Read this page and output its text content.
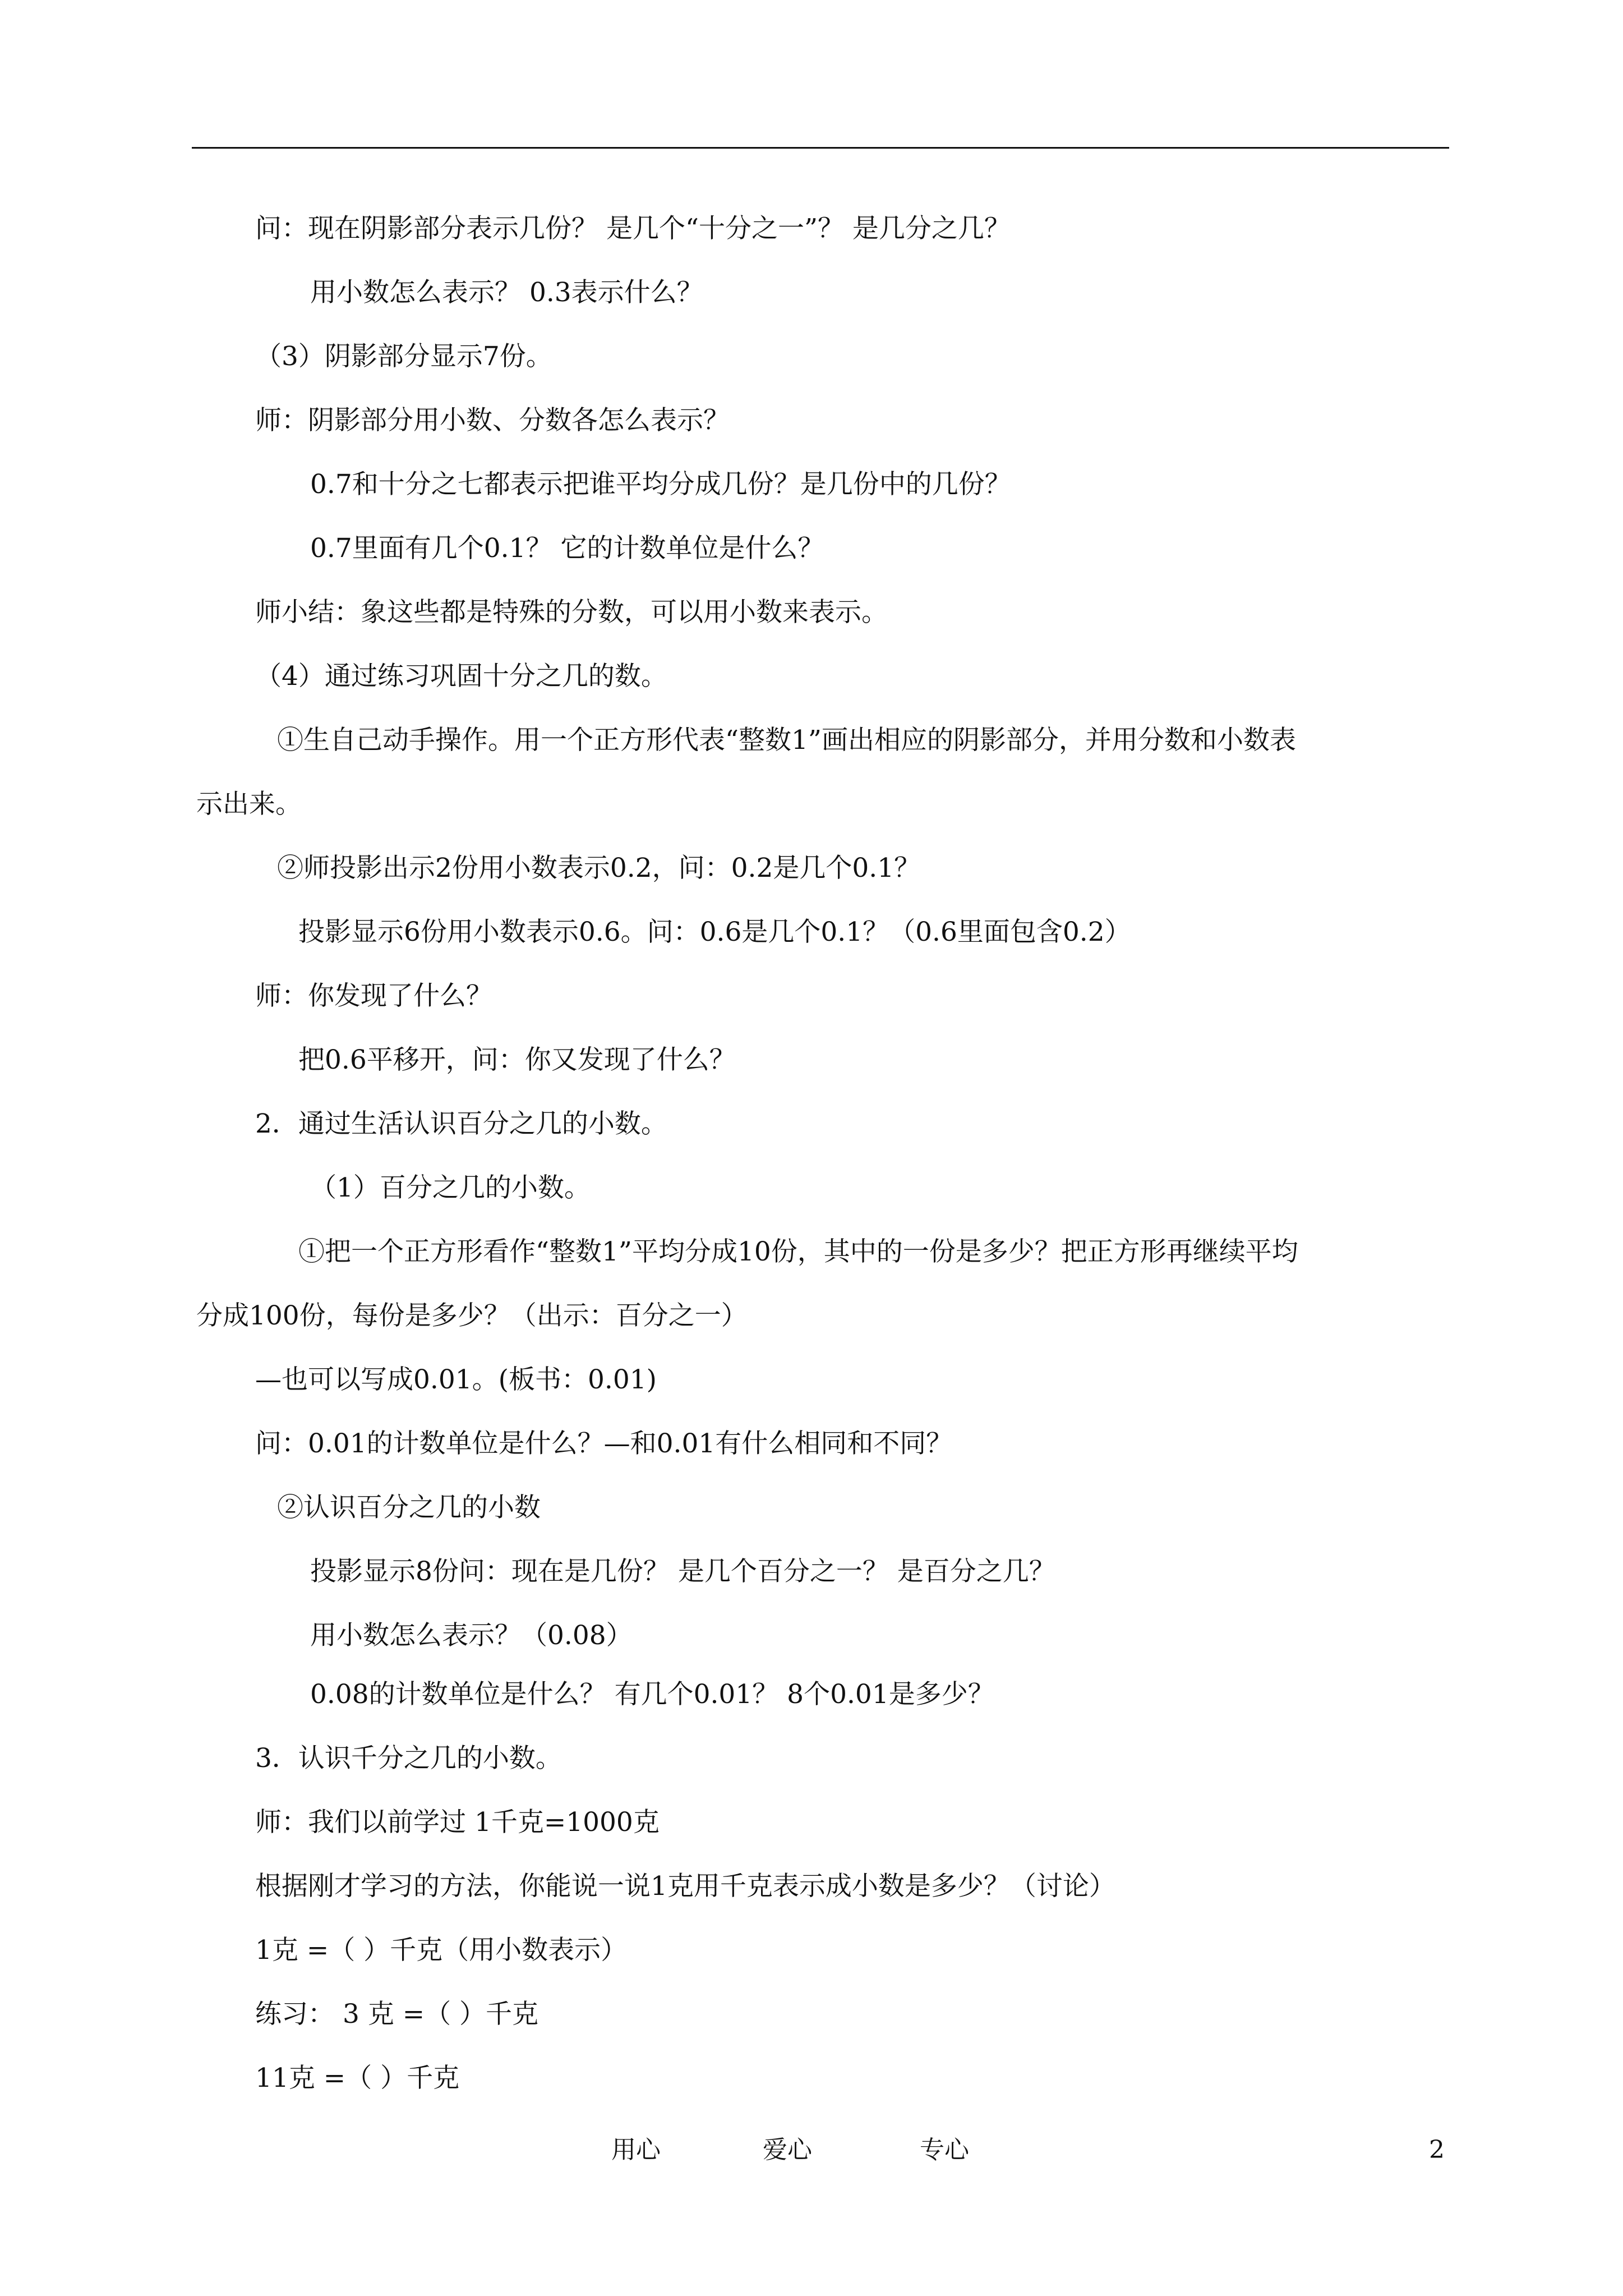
问：现在阴影部分表示几份？ 是几个“十分之一”？ 是几分之几？
用小数怎么表示？ 0.3表示什么？
（3）阴影部分显示7份。
师：阴影部分用小数、分数各怎么表示？
0.7和十分之七都表示把谁平均分成几份？是几份中的几份？
0.7里面有几个0.1？ 它的计数单位是什么？
师小结：象这些都是特殊的分数，可以用小数来表示。
（4）通过练习巩固十分之几的数。
①生自己动手操作。用一个正方形代表“整数1”画出相应的阴影部分，并用分数和小数表
示出来。
②师投影出示2份用小数表示0.2，问：0.2是几个0.1？
投影显示6份用小数表示0.6。问：0.6是几个0.1？（0.6里面包含0.2）
师：你发现了什么？
把0.6平移开，问：你又发现了什么？
2．通过生活认识百分之几的小数。
（1）百分之几的小数。
①把一个正方形看作“整数1”平均分成10份，其中的一份是多少？把正方形再继续平均
分成100份，每份是多少？（出示：百分之一）
—也可以写成0.01。(板书：0.01)
问：0.01的计数单位是什么？—和0.01有什么相同和不同？
②认识百分之几的小数
投影显示8份问：现在是几份？ 是几个百分之一？ 是百分之几？
用小数怎么表示？（0.08）
0.08的计数单位是什么？ 有几个0.01？ 8个0.01是多少？
3．认识千分之几的小数。
师：我们以前学过 1千克=1000克
根据刚才学习的方法，你能说一说1克用千克表示成小数是多少？（讨论）
1克 =（ ）千克（用小数表示）
练习： 3 克 =（ ）千克
11克 =（ ）千克
用心	爱心	专心	2
